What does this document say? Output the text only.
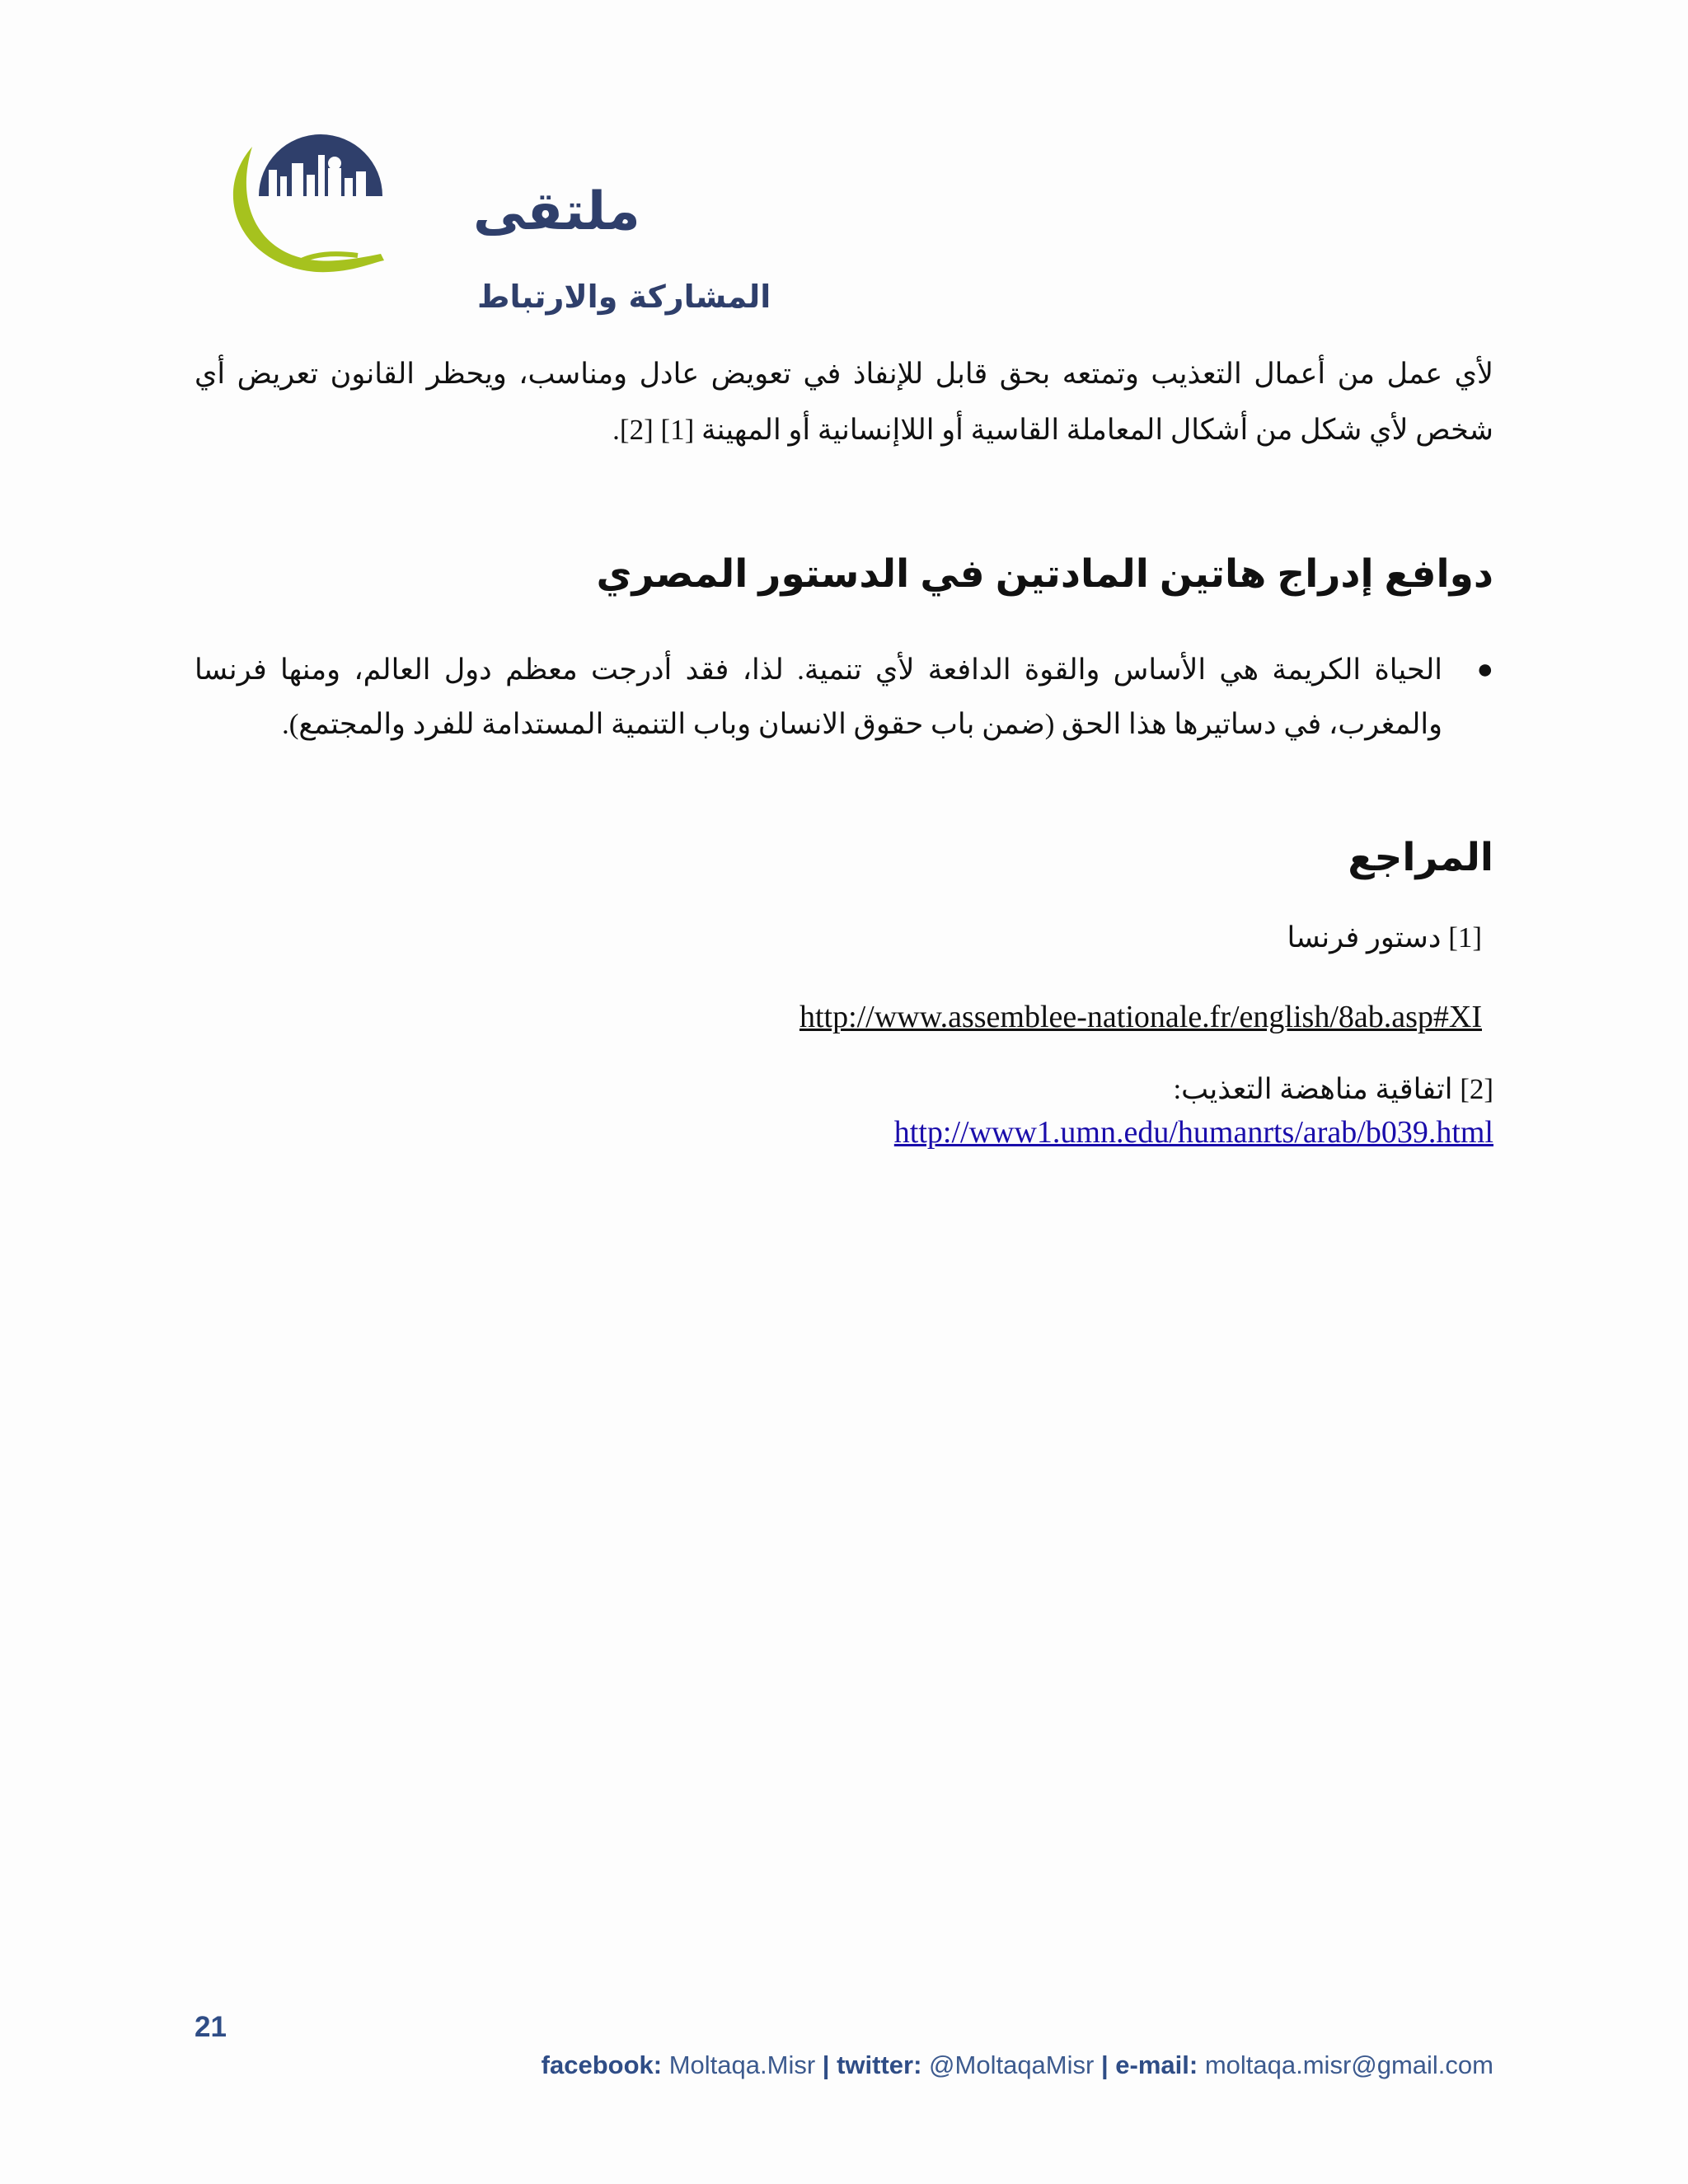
ملتقى
المشاركة والارتباط

لأي عمل من أعمال التعذيب وتمتعه بحق قابل للإنفاذ في تعويض عادل ومناسب، ويحظر القانون تعريض أي شخص لأي شكل من أشكال المعاملة القاسية أو اللاإنسانية أو المهينة [1] [2].

دوافع إدراج هاتين المادتين في الدستور المصري
●
الحياة الكريمة هي الأساس والقوة الدافعة لأي تنمية. لذا، فقد أدرجت معظم دول العالم، ومنها فرنسا والمغرب، في دساتيرها هذا الحق (ضمن باب حقوق الانسان وباب التنمية المستدامة للفرد والمجتمع).
المراجع
[1] دستور فرنسا
http://www.assemblee-nationale.fr/english/8ab.asp#XI
[2] اتفاقية مناهضة التعذيب:
http://www1.umn.edu/humanrts/arab/b039.html
21
facebook: Moltaqa.Misr | twitter: @MoltaqaMisr | e-mail: moltaqa.misr@gmail.com
